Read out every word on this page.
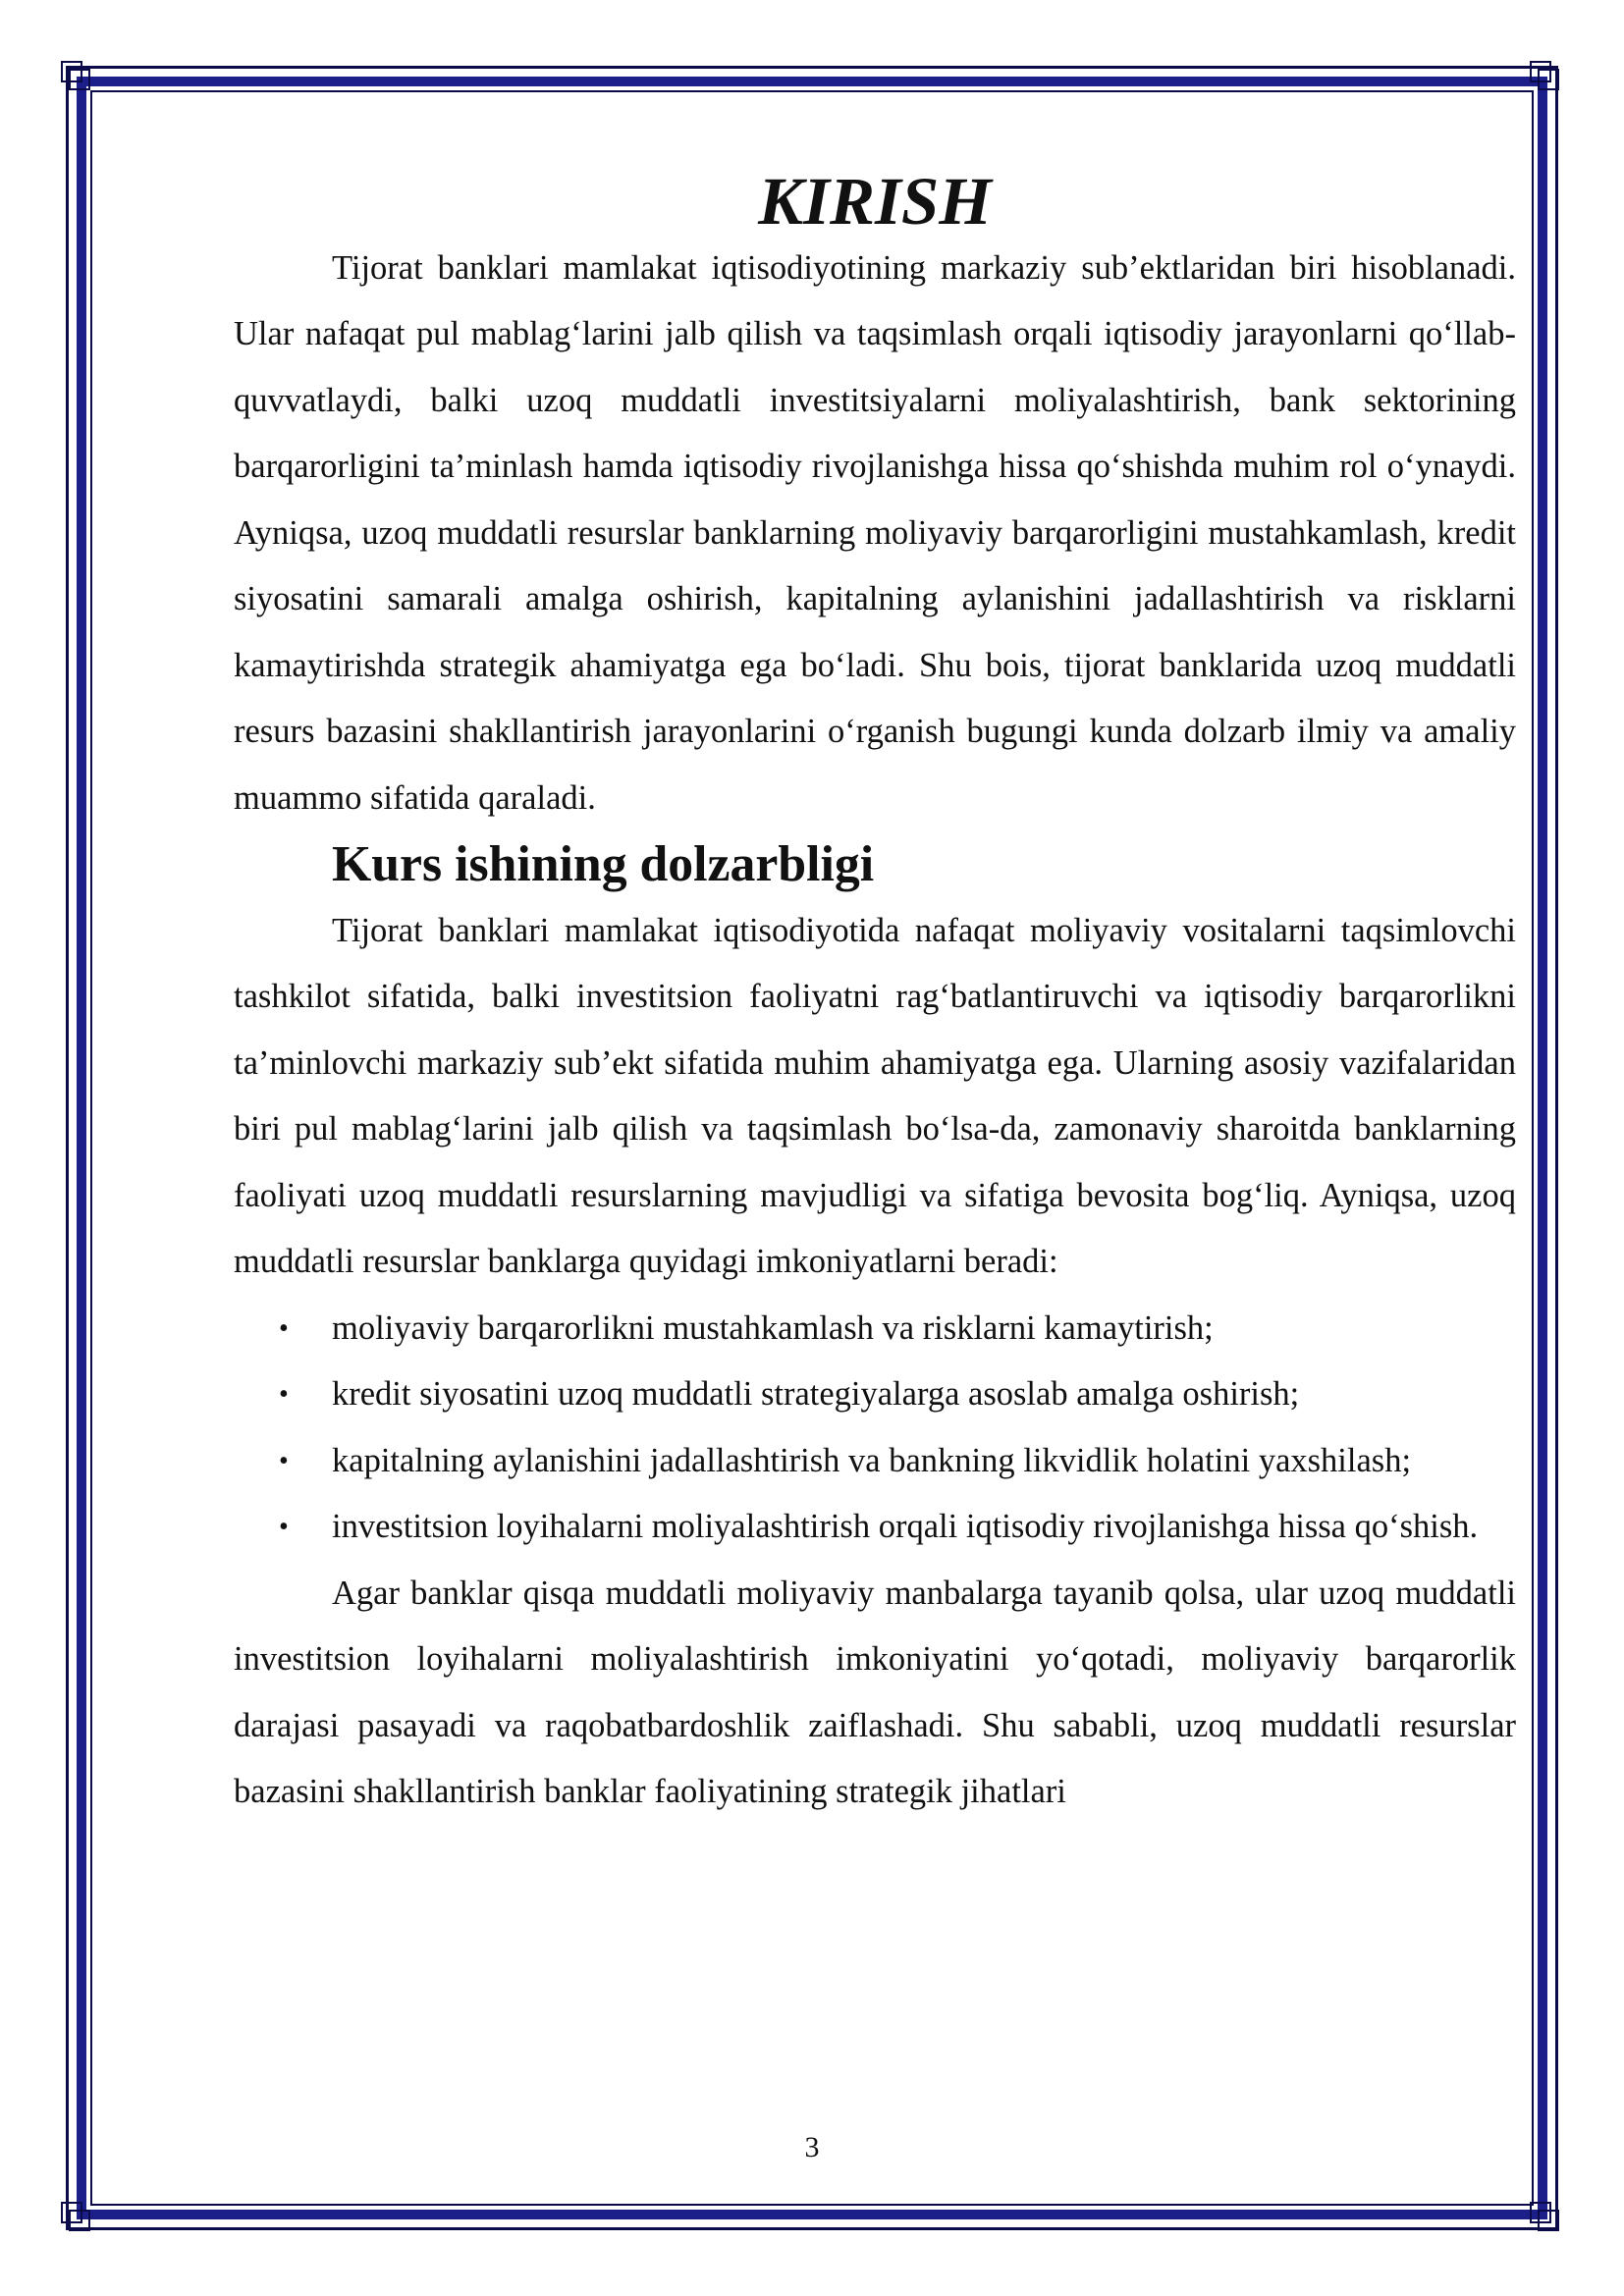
KIRISH

Tijorat banklari mamlakat iqtisodiyotining markaziy sub’ektlaridan biri hisoblanadi. Ular nafaqat pul mablag‘larini jalb qilish va taqsimlash orqali iqtisodiy jarayonlarni qo‘llab-quvvatlaydi, balki uzoq muddatli investitsiyalarni moliyalashtirish, bank sektorining barqarorligini ta’minlash hamda iqtisodiy rivojlanishga hissa qo‘shishda muhim rol o‘ynaydi. Ayniqsa, uzoq muddatli resurslar banklarning moliyaviy barqarorligini mustahkamlash, kredit siyosatini samarali amalga oshirish, kapitalning aylanishini jadallashtirish va risklarni kamaytirishda strategik ahamiyatga ega bo‘ladi. Shu bois, tijorat banklarida uzoq muddatli resurs bazasini shakllantirish jarayonlarini o‘rganish bugungi kunda dolzarb ilmiy va amaliy muammo sifatida qaraladi.

Kurs ishining dolzarbligi

Tijorat banklari mamlakat iqtisodiyotida nafaqat moliyaviy vositalarni taqsimlovchi tashkilot sifatida, balki investitsion faoliyatni rag‘batlantiruvchi va iqtisodiy barqarorlikni ta’minlovchi markaziy sub’ekt sifatida muhim ahamiyatga ega. Ularning asosiy vazifalaridan biri pul mablag‘larini jalb qilish va taqsimlash bo‘lsa-da, zamonaviy sharoitda banklarning faoliyati uzoq muddatli resurslarning mavjudligi va sifatiga bevosita bog‘liq. Ayniqsa, uzoq muddatli resurslar banklarga quyidagi imkoniyatlarni beradi:

• moliyaviy barqarorlikni mustahkamlash va risklarni kamaytirish;
• kredit siyosatini uzoq muddatli strategiyalarga asoslab amalga oshirish;
• kapitalning aylanishini jadallashtirish va bankning likvidlik holatini yaxshilash;
• investitsion loyihalarni moliyalashtirish orqali iqtisodiy rivojlanishga hissa qo‘shish.

Agar banklar qisqa muddatli moliyaviy manbalarga tayanib qolsa, ular uzoq muddatli investitsion loyihalarni moliyalashtirish imkoniyatini yo‘qotadi, moliyaviy barqarorlik darajasi pasayadi va raqobatbardoshlik zaiflashadi. Shu sababli, uzoq muddatli resurslar bazasini shakllantirish banklar faoliyatining strategik jihatlari

3
